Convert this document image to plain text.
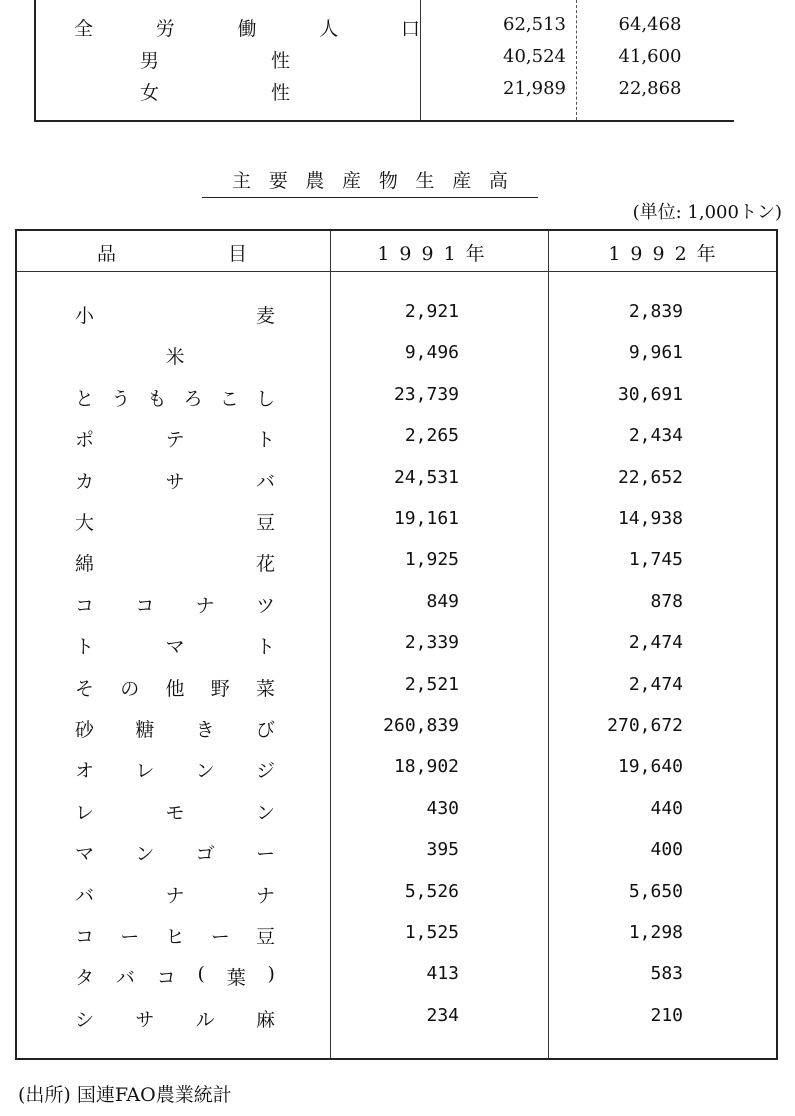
全	労	働	人	口	62,513	64,468
男	性	40,524	41,600
女	性	21,989	22,868
主 要 農 産 物 生 産 高
(単位: 1,000トン)
品	目	1991年	1992年
小	麦	2,921	2,839
米	9,496	9,961
と う も ろ こ し	23,739	30,691
ポ	テ	ト	2,265	2,434
カ	サ	バ	24,531	22,652
大	豆	19,161	14,938
綿	花	1,925	1,745
コ コ ナ ツ	849	878
ト	マ	ト	2,339	2,474
そ の 他 野 菜	2,521	2,474
砂 糖 き び	260,839	270,672
オ レ ン ジ	18,902	19,640
レ	モ	ン	430	440
マ ン ゴ ー	395	400
バ	ナ	ナ	5,526	5,650
コ ー ヒ ー 豆	1,525	1,298
タ バ コ ( 葉 )	413	583
シ サ ル 麻	234	210
(出所) 国連FAO農業統計
